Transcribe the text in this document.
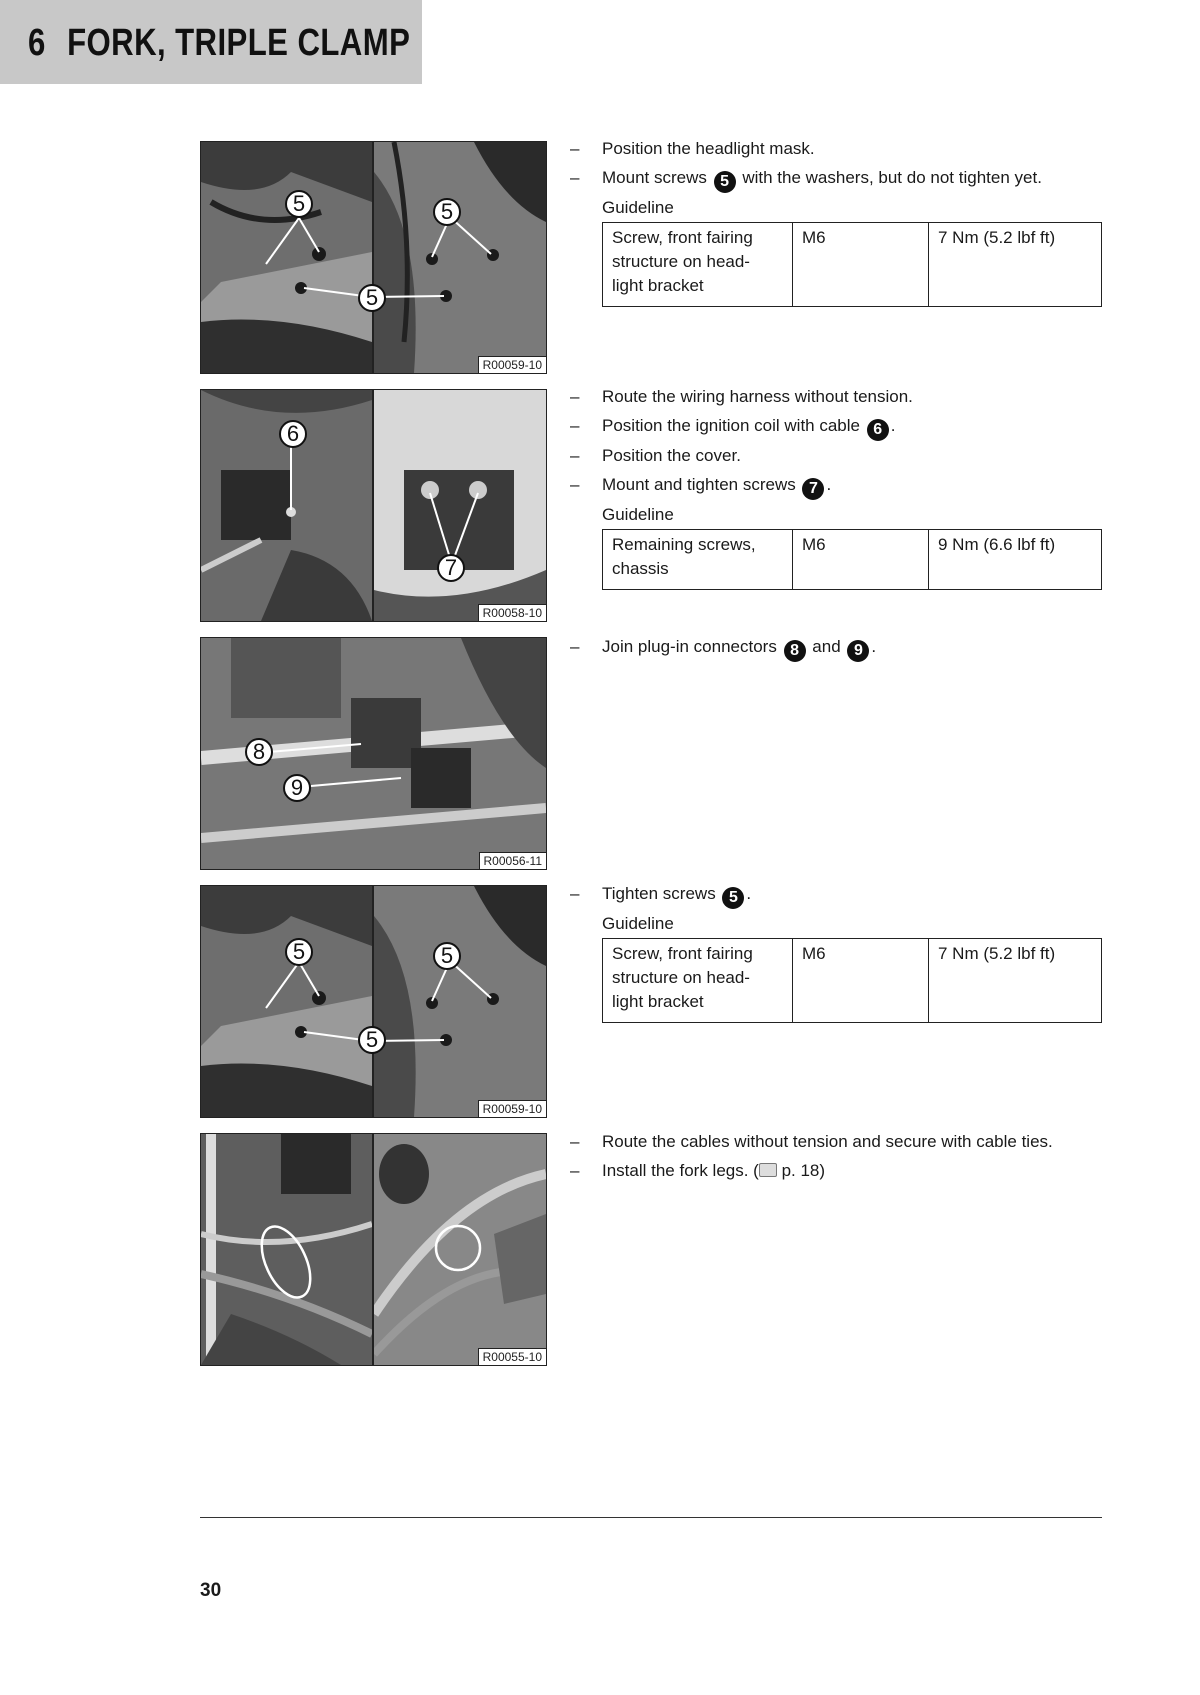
6 FORK, TRIPLE CLAMP
5	5
5
R00059-10
– Position the headlight mask.
– Mount screws 5 with the washers, but do not tighten yet.
Guideline
Screw, front fairing
structure on head-
light bracket	M6	7 Nm (5.2 lbf ft)
6
7
R00058-10
– Route the wiring harness without tension.
– Position the ignition coil with cable 6 .
– Position the cover.
– Mount and tighten screws 7 .
Guideline
Remaining screws,
chassis	M6	9 Nm (6.6 lbf ft)
8
9
R00056-11
– Join plug-in connectors 8 and 9 .
5	5
5
R00059-10
– Tighten screws 5 .
Guideline
Screw, front fairing
structure on head-
light bracket	M6	7 Nm (5.2 lbf ft)
R00055-10
– Route the cables without tension and secure with cable ties.
– Install the fork legs. ( p. 18)
30
